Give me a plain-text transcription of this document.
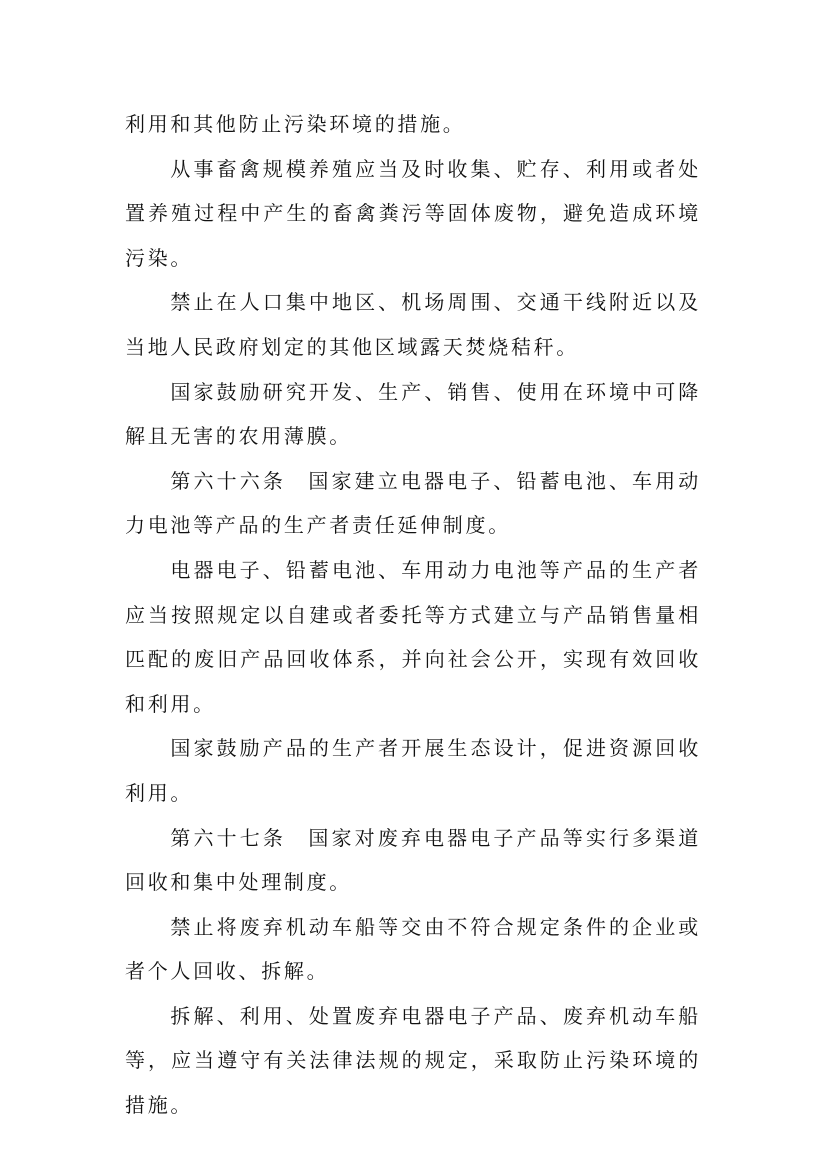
利用和其他防止污染环境的措施。

从事畜禽规模养殖应当及时收集、贮存、利用或者处置养殖过程中产生的畜禽粪污等固体废物，避免造成环境污染。

禁止在人口集中地区、机场周围、交通干线附近以及当地人民政府划定的其他区域露天焚烧秸秆。

国家鼓励研究开发、生产、销售、使用在环境中可降解且无害的农用薄膜。

第六十六条 国家建立电器电子、铅蓄电池、车用动力电池等产品的生产者责任延伸制度。

电器电子、铅蓄电池、车用动力电池等产品的生产者应当按照规定以自建或者委托等方式建立与产品销售量相匹配的废旧产品回收体系，并向社会公开，实现有效回收和利用。

国家鼓励产品的生产者开展生态设计，促进资源回收利用。

第六十七条 国家对废弃电器电子产品等实行多渠道回收和集中处理制度。

禁止将废弃机动车船等交由不符合规定条件的企业或者个人回收、拆解。

拆解、利用、处置废弃电器电子产品、废弃机动车船等，应当遵守有关法律法规的规定，采取防止污染环境的措施。
